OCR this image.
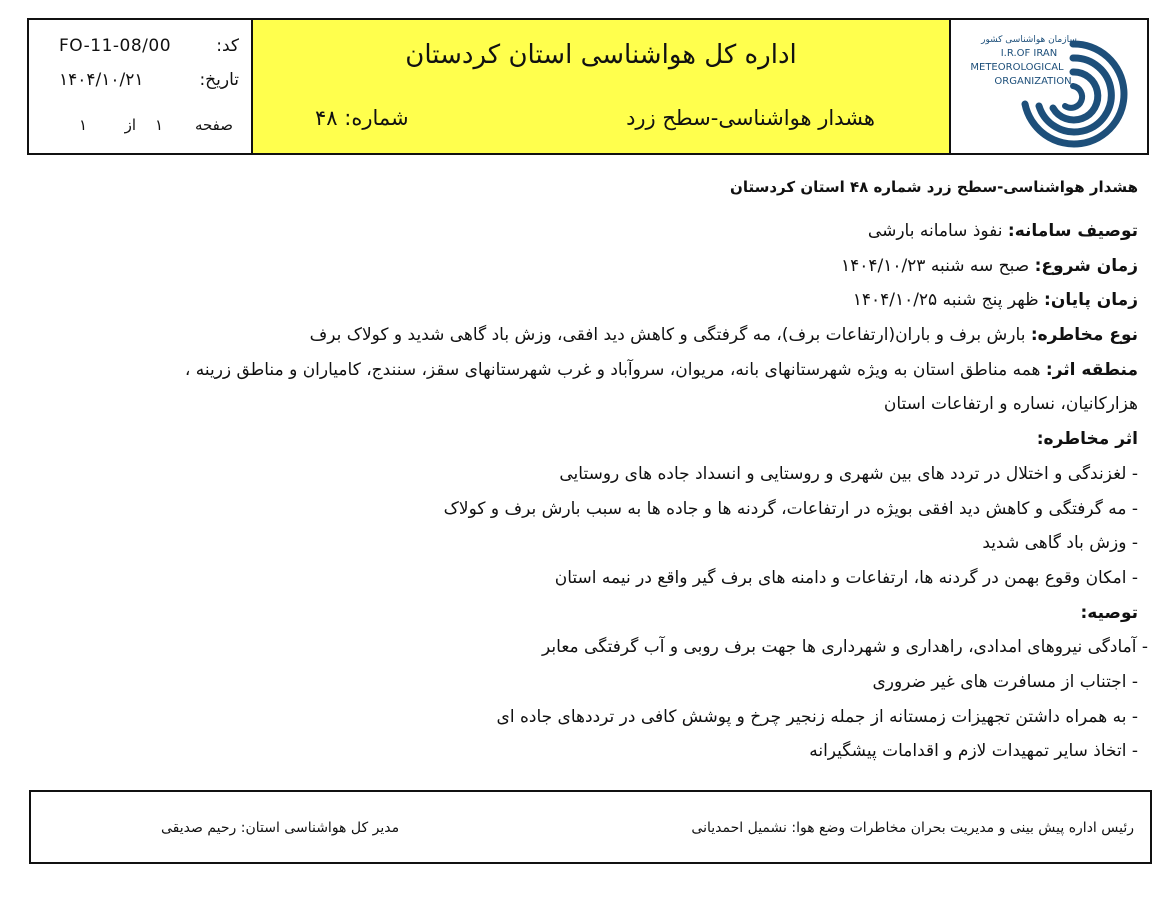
کد:
FO-11-08/00
تاریخ:
۱۴۰۴/۱۰/۲۱
صفحه
۱
از
۱
اداره کل هواشناسی استان کردستان
هشدار هواشناسی-سطح زرد
شماره: ۴۸
سازمان هواشناسی کشور
I.R.OF IRAN
METEOROLOGICAL
ORGANIZATION
هشدار هواشناسی-سطح زرد شماره ۴۸ استان کردستان
توصیف سامانه: نفوذ سامانه بارشی
زمان شروع: صبح سه شنبه ۱۴۰۴/۱۰/۲۳
زمان پایان: ظهر پنج شنبه ۱۴۰۴/۱۰/۲۵
نوع مخاطره: بارش برف و باران(ارتفاعات برف)، مه گرفتگی و کاهش دید افقی، وزش باد گاهی شدید و کولاک برف
منطقه اثر: همه مناطق استان به ویژه شهرستانهای بانه، مریوان، سروآباد و غرب شهرستانهای سقز، سنندج، کامیاران و مناطق زرینه ،
هزارکانیان، نساره و ارتفاعات استان
اثر مخاطره:
- لغزندگی و اختلال در تردد های بین شهری و روستایی و انسداد جاده های روستایی
- مه گرفتگی و کاهش دید افقی بویژه در ارتفاعات، گردنه ها و جاده ها به سبب بارش برف و کولاک
- وزش باد گاهی شدید
- امکان وقوع بهمن در گردنه ها، ارتفاعات و دامنه های برف گیر واقع در نیمه استان
توصیه:
- آمادگی نیروهای امدادی، راهداری و شهرداری ها جهت برف روبی و آب گرفتگی معابر
- اجتناب از مسافرت های غیر ضروری
- به همراه داشتن تجهیزات زمستانه از جمله زنجیر چرخ و پوشش کافی در ترددهای جاده ای
- اتخاذ سایر تمهیدات لازم و اقدامات پیشگیرانه
رئیس اداره پیش بینی و مدیریت بحران مخاطرات وضع هوا: نشمیل احمدیانی
مدیر کل هواشناسی استان: رحیم صدیقی
